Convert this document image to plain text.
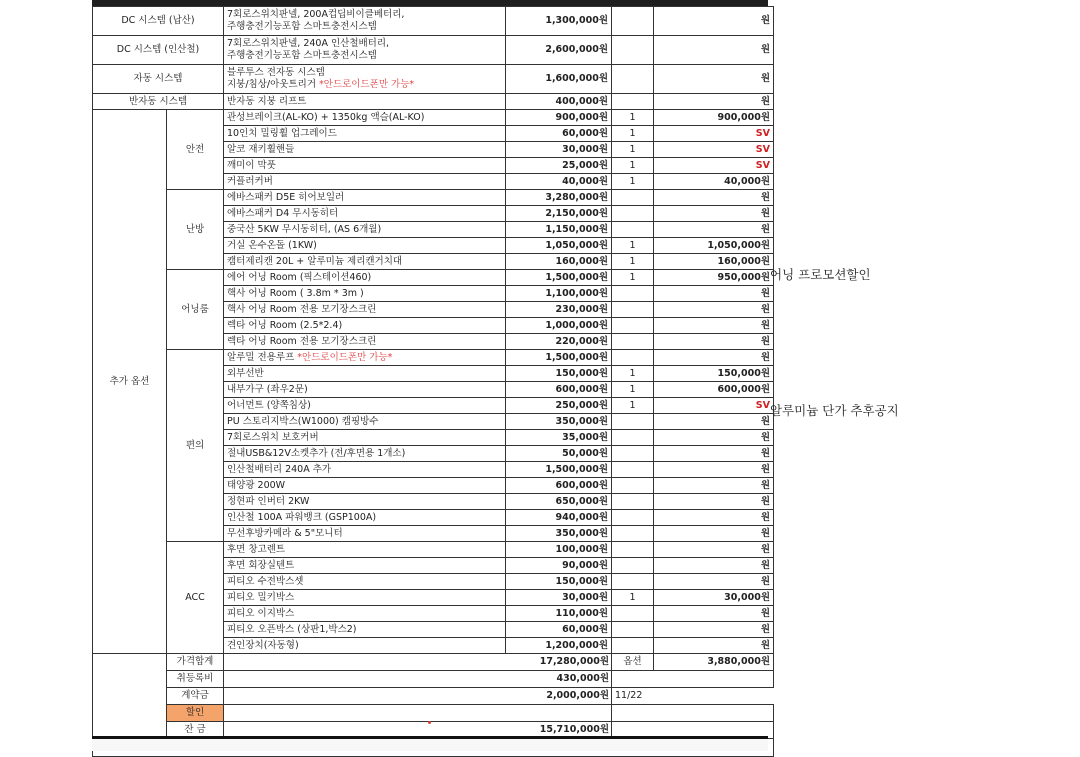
DC 시스템 (납산)		7회로스위치판넬, 200A컵딥비이클베터리,
주행충전기능포함 스마트충전시스템	1,300,000원		원
DC 시스템 (인산철)		7회로스위치판넬, 240A 인산철배터리,
주행충전기능포함 스마트충전시스템	2,600,000원		원
자동 시스템		블루투스 전자동 시스템
지붕/침상/아웃트리거 *안드로이드폰만 가능*	1,600,000원		원
반자동 시스템		반자동 지붕 리프트	400,000원		원
추가 옵션	안전	관성브레이크(AL-KO) + 1350kg 액슬(AL-KO)	900,000원	1	900,000원
		10인치 밀링휠 업그레이드	60,000원	1	SV
		알코 재키휠핸들	30,000원	1	SV
		깨미이 막풋	25,000원	1	SV
		커플러커버	40,000원	1	40,000원
	난방	에바스패커 D5E 히어보일러	3,280,000원		원
		에바스패커 D4 무시동히터	2,150,000원		원
		중국산 5KW 무시동히터, (AS 6개월)	1,150,000원		원
		거실 온수온돌 (1KW)	1,050,000원	1	1,050,000원
		캠터제리캔 20L + 알루미늄 제리캔거치대	160,000원	1	160,000원
	어닝룸	에어 어닝 Room (픽스테이션460)	1,500,000원	1	950,000원
		핵사 어닝 Room ( 3.8m * 3m )	1,100,000원		원
		핵사 어닝 Room 전용 모기장스크린	230,000원		원
		렉타 어닝 Room (2.5*2.4)	1,000,000원		원
		렉타 어닝 Room 전용 모기장스크린	220,000원		원
	편의	알루밀 전용루프 *안드로이드폰만 가능*	1,500,000원		원
		외부선반	150,000원	1	150,000원
		내부가구 (좌우2문)	600,000원	1	600,000원
		어너먼트 (양쪽침상)	250,000원	1	SV
		PU 스토리지박스(W1000) 캠핑방수	350,000원		원
		7회로스위치 보호커버	35,000원		원
		절내USB&12V소켓추가 (전/후면용 1개소)	50,000원		원
		인산철배터리 240A 추가	1,500,000원		원
		태양광 200W	600,000원		원
		정현파 인버터 2KW	650,000원		원
		인산철 100A 파워뱅크 (GSP100A)	940,000원		원
		무선후방카메라 & 5"모니터	350,000원		원
	ACC	후면 창고렌트	100,000원		원
		후면 회장실텐트	90,000원		원
		피티오 수전박스셋	150,000원		원
		피티오 밀키박스	30,000원	1	30,000원
		피티오 이지박스	110,000원		원
		피티오 오픈박스 (상판1,박스2)	60,000원		원
		견인장치(자동형)	1,200,000원		원
	가격합계	17,280,000원		옵션	3,880,000원
	취등록비	430,000원			
	계약금	2,000,000원		11/22	
	할인				
	잔 금	15,710,000원			

어닝 프로모션할인
알루미늄 단가 추후공지
